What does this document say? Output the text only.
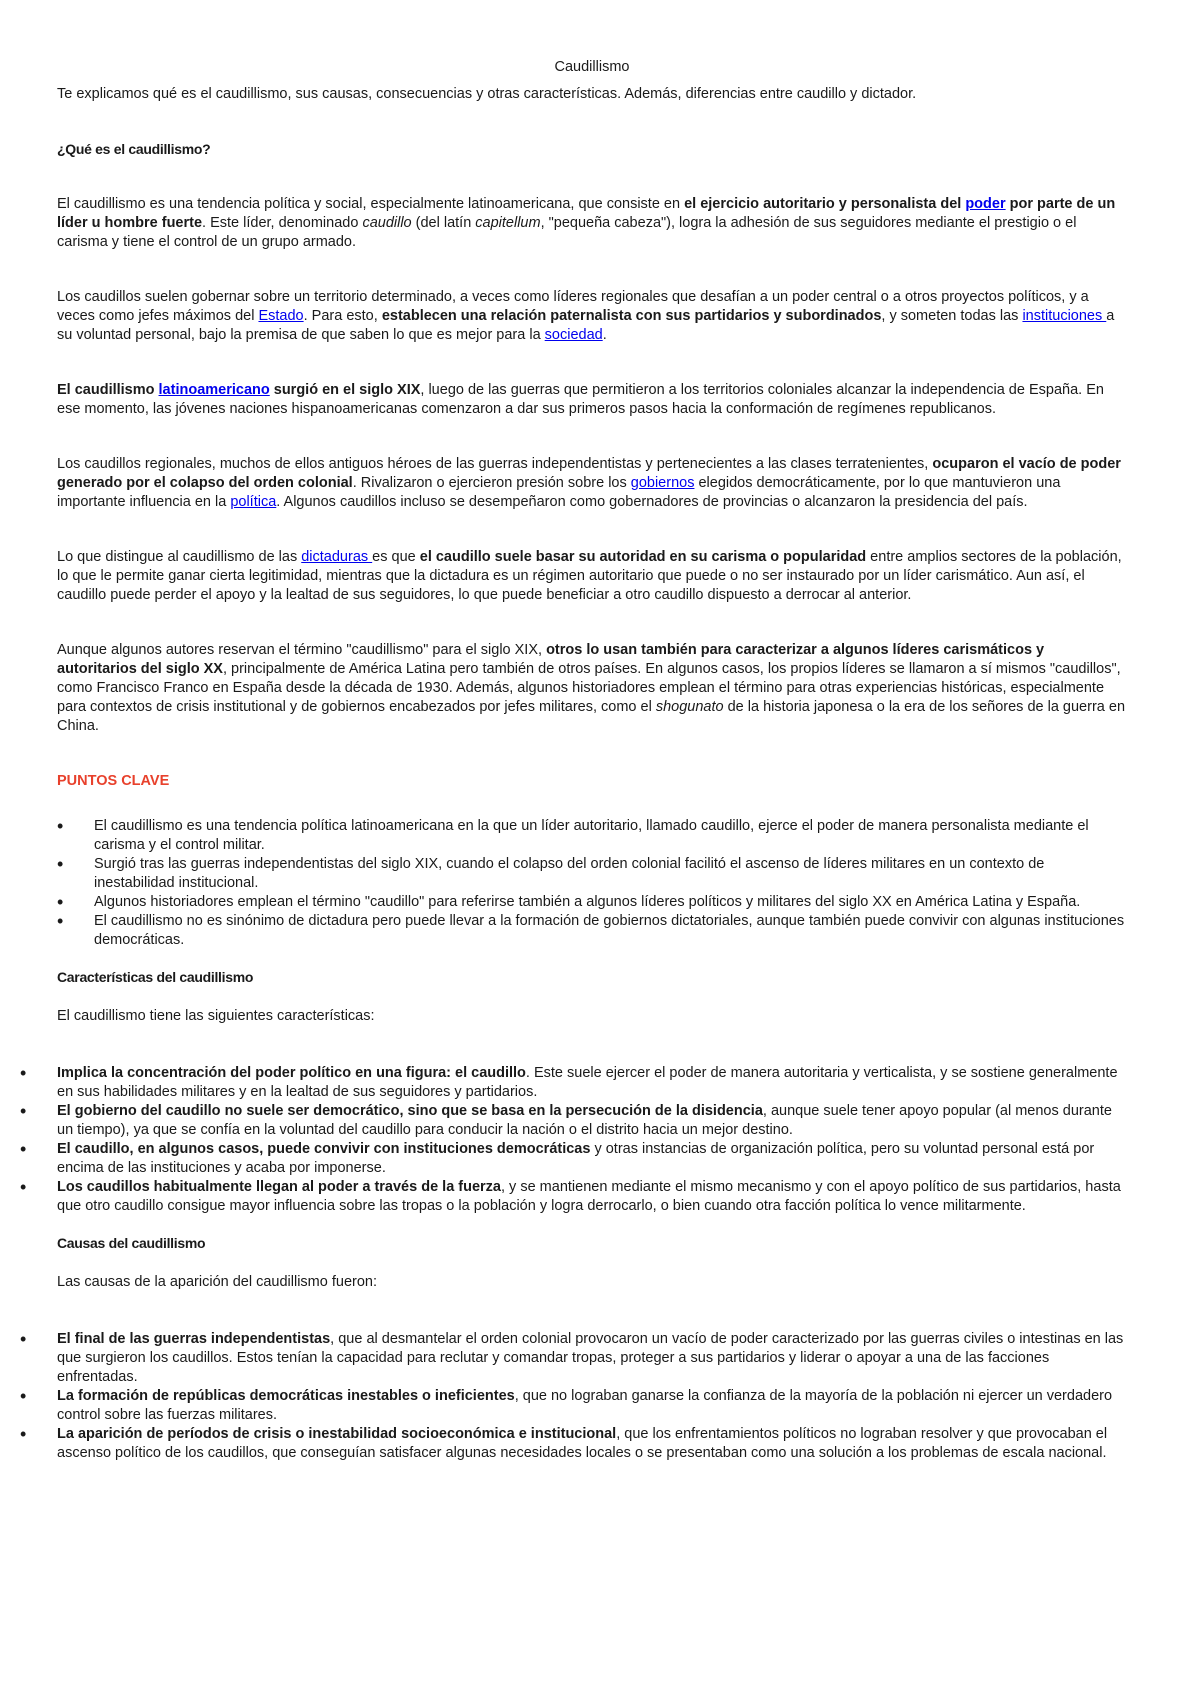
Caudillismo

Te explicamos qué es el caudillismo, sus causas, consecuencias y otras características. Además, diferencias entre caudillo y dictador.

¿Qué es el caudillismo?

El caudillismo es una tendencia política y social, especialmente latinoamericana, que consiste en el ejercicio autoritario y personalista del poder por parte de un líder u hombre fuerte. Este líder, denominado caudillo (del latín capitellum, "pequeña cabeza"), logra la adhesión de sus seguidores mediante el prestigio o el carisma y tiene el control de un grupo armado.

Los caudillos suelen gobernar sobre un territorio determinado, a veces como líderes regionales que desafían a un poder central o a otros proyectos políticos, y a veces como jefes máximos del Estado. Para esto, establecen una relación paternalista con sus partidarios y subordinados, y someten todas las instituciones a su voluntad personal, bajo la premisa de que saben lo que es mejor para la sociedad.

El caudillismo latinoamericano surgió en el siglo XIX, luego de las guerras que permitieron a los territorios coloniales alcanzar la independencia de España. En ese momento, las jóvenes naciones hispanoamericanas comenzaron a dar sus primeros pasos hacia la conformación de regímenes republicanos.

Los caudillos regionales, muchos de ellos antiguos héroes de las guerras independentistas y pertenecientes a las clases terratenientes, ocuparon el vacío de poder generado por el colapso del orden colonial. Rivalizaron o ejercieron presión sobre los gobiernos elegidos democráticamente, por lo que mantuvieron una importante influencia en la política. Algunos caudillos incluso se desempeñaron como gobernadores de provincias o alcanzaron la presidencia del país.

Lo que distingue al caudillismo de las dictaduras es que el caudillo suele basar su autoridad en su carisma o popularidad entre amplios sectores de la población, lo que le permite ganar cierta legitimidad, mientras que la dictadura es un régimen autoritario que puede o no ser instaurado por un líder carismático. Aun así, el caudillo puede perder el apoyo y la lealtad de sus seguidores, lo que puede beneficiar a otro caudillo dispuesto a derrocar al anterior.

Aunque algunos autores reservan el término "caudillismo" para el siglo XIX, otros lo usan también para caracterizar a algunos líderes carismáticos y autoritarios del siglo XX, principalmente de América Latina pero también de otros países. En algunos casos, los propios líderes se llamaron a sí mismos "caudillos", como Francisco Franco en España desde la década de 1930. Además, algunos historiadores emplean el término para otras experiencias históricas, especialmente para contextos de crisis institutional y de gobiernos encabezados por jefes militares, como el shogunato de la historia japonesa o la era de los señores de la guerra en China.

PUNTOS CLAVE

• El caudillismo es una tendencia política latinoamericana en la que un líder autoritario, llamado caudillo, ejerce el poder de manera personalista mediante el carisma y el control militar.
• Surgió tras las guerras independentistas del siglo XIX, cuando el colapso del orden colonial facilitó el ascenso de líderes militares en un contexto de inestabilidad institucional.
• Algunos historiadores emplean el término "caudillo" para referirse también a algunos líderes políticos y militares del siglo XX en América Latina y España.
• El caudillismo no es sinónimo de dictadura pero puede llevar a la formación de gobiernos dictatoriales, aunque también puede convivir con algunas instituciones democráticas.

Características del caudillismo

El caudillismo tiene las siguientes características:

• Implica la concentración del poder político en una figura: el caudillo. Este suele ejercer el poder de manera autoritaria y verticalista, y se sostiene generalmente en sus habilidades militares y en la lealtad de sus seguidores y partidarios.
• El gobierno del caudillo no suele ser democrático, sino que se basa en la persecución de la disidencia, aunque suele tener apoyo popular (al menos durante un tiempo), ya que se confía en la voluntad del caudillo para conducir la nación o el distrito hacia un mejor destino.
• El caudillo, en algunos casos, puede convivir con instituciones democráticas y otras instancias de organización política, pero su voluntad personal está por encima de las instituciones y acaba por imponerse.
• Los caudillos habitualmente llegan al poder a través de la fuerza, y se mantienen mediante el mismo mecanismo y con el apoyo político de sus partidarios, hasta que otro caudillo consigue mayor influencia sobre las tropas o la población y logra derrocarlo, o bien cuando otra facción política lo vence militarmente.

Causas del caudillismo

Las causas de la aparición del caudillismo fueron:

• El final de las guerras independentistas, que al desmantelar el orden colonial provocaron un vacío de poder caracterizado por las guerras civiles o intestinas en las que surgieron los caudillos. Estos tenían la capacidad para reclutar y comandar tropas, proteger a sus partidarios y liderar o apoyar a una de las facciones enfrentadas.
• La formación de repúblicas democráticas inestables o ineficientes, que no lograban ganarse la confianza de la mayoría de la población ni ejercer un verdadero control sobre las fuerzas militares.
• La aparición de períodos de crisis o inestabilidad socioeconómica e institucional, que los enfrentamientos políticos no lograban resolver y que provocaban el ascenso político de los caudillos, que conseguían satisfacer algunas necesidades locales o se presentaban como una solución a los problemas de escala nacional.
